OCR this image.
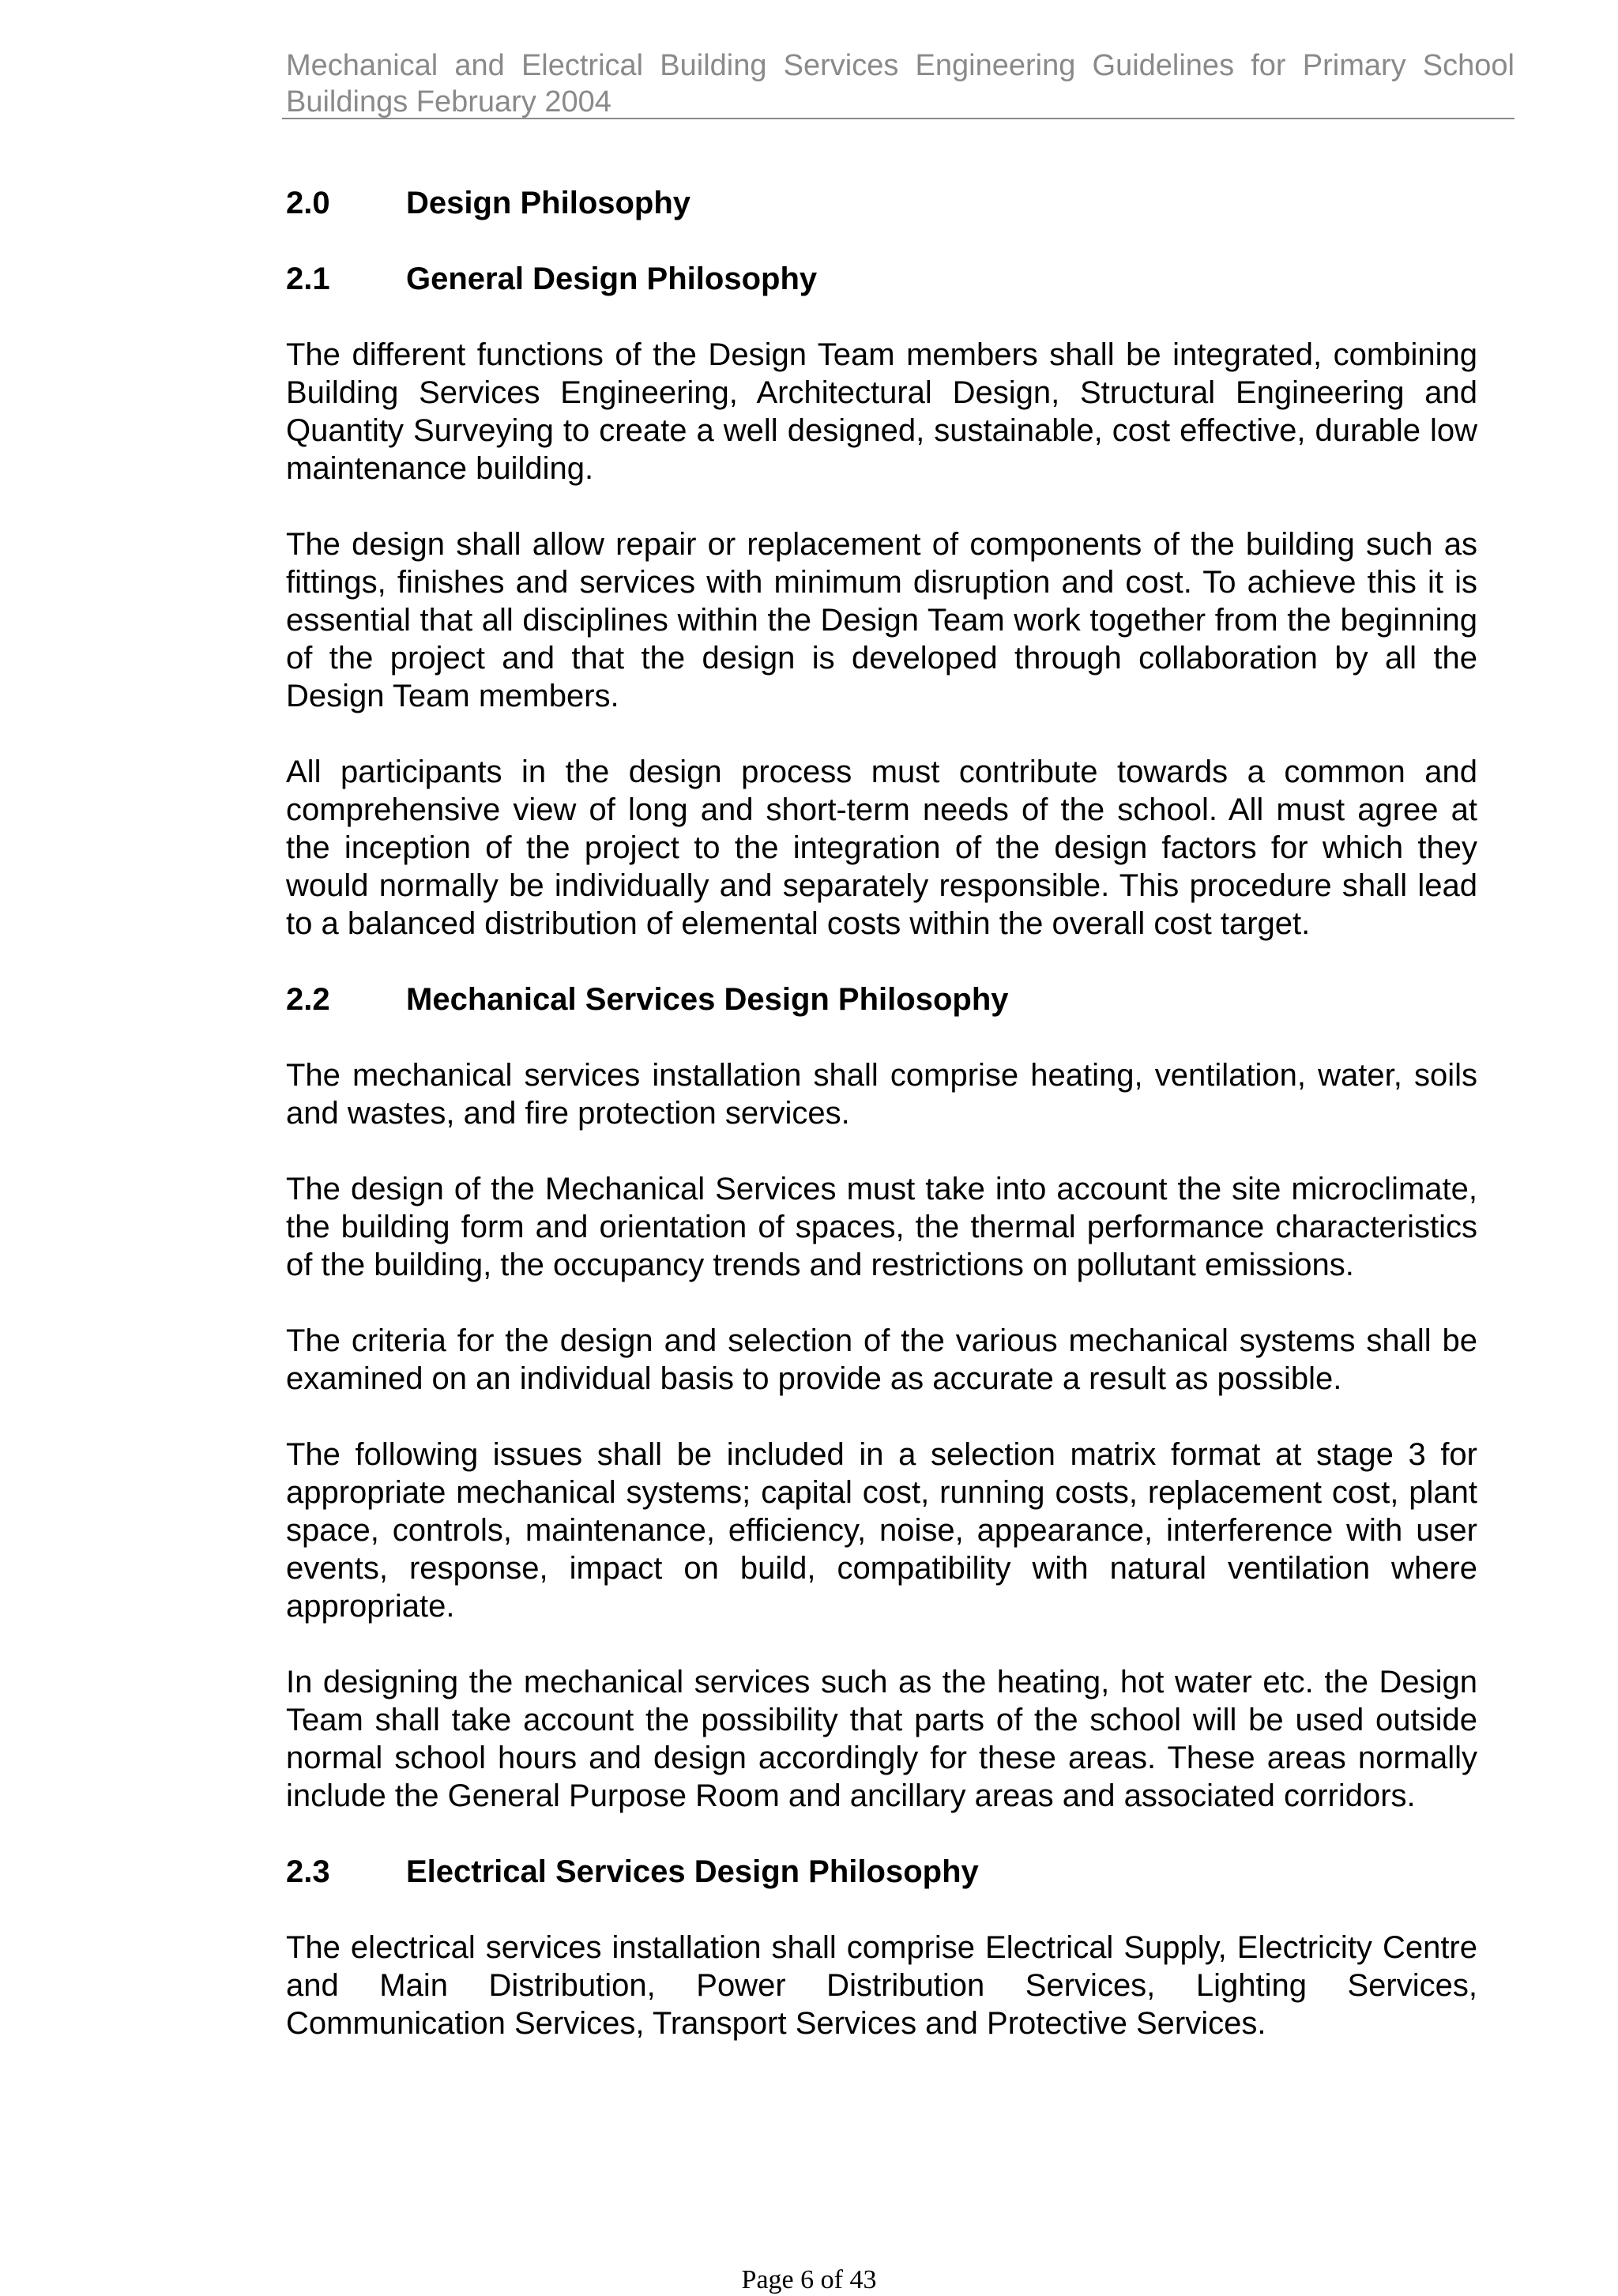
Mechanical and Electrical Building Services Engineering Guidelines for Primary School Buildings February 2004
2.0	Design Philosophy
2.1	General Design Philosophy

The different functions of the Design Team members shall be integrated, combining Building Services Engineering, Architectural Design, Structural Engineering and Quantity Surveying to create a well designed, sustainable, cost effective, durable low maintenance building.

The design shall allow repair or replacement of components of the building such as fittings, finishes and services with minimum disruption and cost. To achieve this it is essential that all disciplines within the Design Team work together from the beginning of the project and that the design is developed through collaboration by all the Design Team members.

All participants in the design process must contribute towards a common and comprehensive view of long and short-term needs of the school. All must agree at the inception of the project to the integration of the design factors for which they would normally be individually and separately responsible. This procedure shall lead to a balanced distribution of elemental costs within the overall cost target.

2.2	Mechanical Services Design Philosophy

The mechanical services installation shall comprise heating, ventilation, water, soils and wastes, and fire protection services.

The design of the Mechanical Services must take into account the site microclimate, the building form and orientation of spaces, the thermal performance characteristics of the building, the occupancy trends and restrictions on pollutant emissions.

The criteria for the design and selection of the various mechanical systems shall be examined on an individual basis to provide as accurate a result as possible.

The following issues shall be included in a selection matrix format at stage 3 for appropriate mechanical systems; capital cost, running costs, replacement cost, plant space, controls, maintenance, efficiency, noise, appearance, interference with user events, response, impact on build, compatibility with natural ventilation where appropriate.

In designing the mechanical services such as the heating, hot water etc. the Design Team shall take account the possibility that parts of the school will be used outside normal school hours and design accordingly for these areas. These areas normally include the General Purpose Room and ancillary areas and associated corridors.

2.3	Electrical Services Design Philosophy

The electrical services installation shall comprise Electrical Supply, Electricity Centre and Main Distribution, Power Distribution Services, Lighting Services, Communication Services, Transport Services and Protective Services.

Page 6 of 43
